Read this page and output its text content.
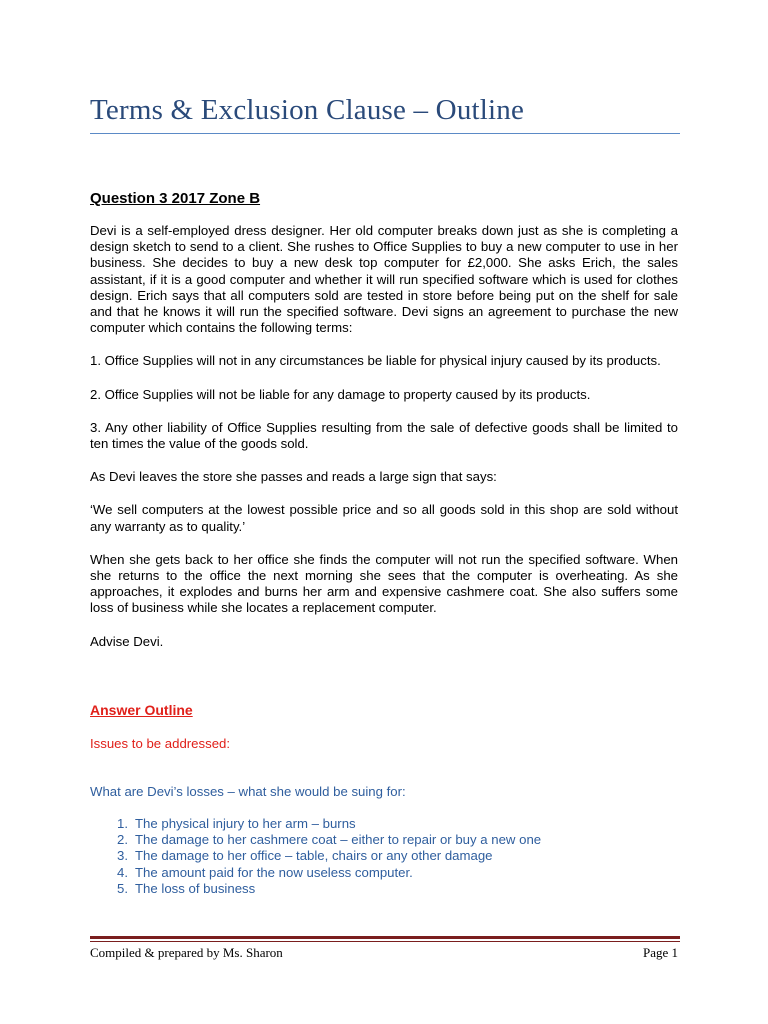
Terms & Exclusion Clause – Outline
Question 3 2017 Zone B

Devi is a self-employed dress designer. Her old computer breaks down just as she is completing a design sketch to send to a client. She rushes to Office Supplies to buy a new computer to use in her business. She decides to buy a new desk top computer for £2,000. She asks Erich, the sales assistant, if it is a good computer and whether it will run specified software which is used for clothes design. Erich says that all computers sold are tested in store before being put on the shelf for sale and that he knows it will run the specified software. Devi signs an agreement to purchase the new computer which contains the following terms:

1. Office Supplies will not in any circumstances be liable for physical injury caused by its products.

2. Office Supplies will not be liable for any damage to property caused by its products.

3. Any other liability of Office Supplies resulting from the sale of defective goods shall be limited to ten times the value of the goods sold.

As Devi leaves the store she passes and reads a large sign that says:

‘We sell computers at the lowest possible price and so all goods sold in this shop are sold without any warranty as to quality.’

When she gets back to her office she finds the computer will not run the specified software. When she returns to the office the next morning she sees that the computer is overheating. As she approaches, it explodes and burns her arm and expensive cashmere coat. She also suffers some loss of business while she locates a replacement computer.

Advise Devi.

Answer Outline
Issues to be addressed:
What are Devi’s losses – what she would be suing for:
1. The physical injury to her arm – burns
2. The damage to her cashmere coat – either to repair or buy a new one
3. The damage to her office – table, chairs or any other damage
4. The amount paid for the now useless computer.
5. The loss of business
Compiled & prepared by Ms. Sharon	Page 1
